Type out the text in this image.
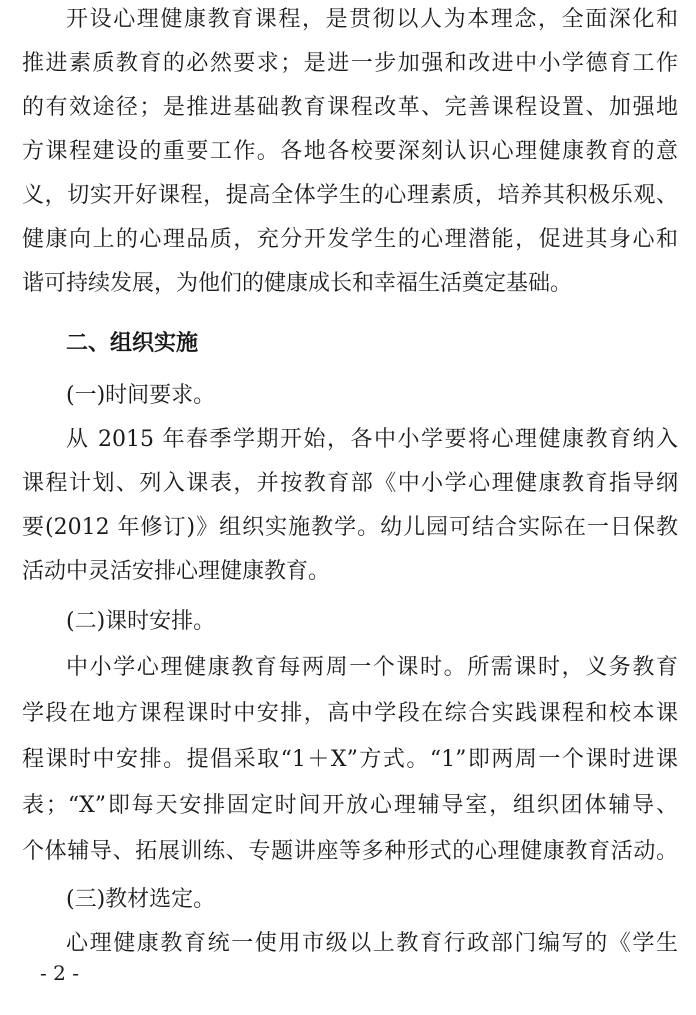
开设心理健康教育课程，是贯彻以人为本理念，全面深化和
推进素质教育的必然要求；是进一步加强和改进中小学德育工作
的有效途径；是推进基础教育课程改革、完善课程设置、加强地
方课程建设的重要工作。各地各校要深刻认识心理健康教育的意
义，切实开好课程，提高全体学生的心理素质，培养其积极乐观、
健康向上的心理品质，充分开发学生的心理潜能，促进其身心和
谐可持续发展，为他们的健康成长和幸福生活奠定基础。
二、组织实施
(一)时间要求。
从 2015 年春季学期开始，各中小学要将心理健康教育纳入
课程计划、列入课表，并按教育部《中小学心理健康教育指导纲
要(2012 年修订)》组织实施教学。幼儿园可结合实际在一日保教
活动中灵活安排心理健康教育。
(二)课时安排。
中小学心理健康教育每两周一个课时。所需课时，义务教育
学段在地方课程课时中安排，高中学段在综合实践课程和校本课
程课时中安排。提倡采取“1＋X”方式。“1”即两周一个课时进课
表；“X”即每天安排固定时间开放心理辅导室，组织团体辅导、
个体辅导、拓展训练、专题讲座等多种形式的心理健康教育活动。
(三)教材选定。
心理健康教育统一使用市级以上教育行政部门编写的《学生
- 2 -
